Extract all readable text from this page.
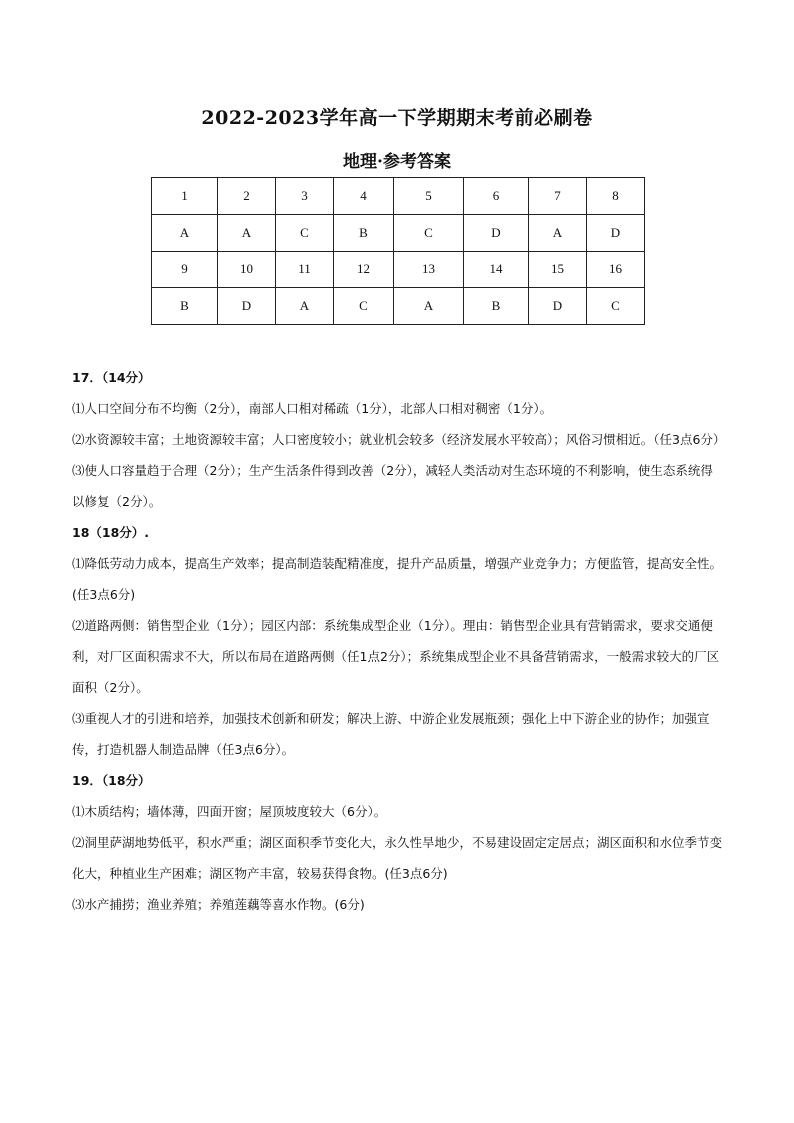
2022-2023学年高一下学期期末考前必刷卷
地理·参考答案
1	2	3	4	5	6	7	8
A	A	C	B	C	D	A	D
9	10	11	12	13	14	15	16
B	D	A	C	A	B	D	C

17．（14分）

⑴人口空间分布不均衡（2分），南部人口相对稀疏（1分），北部人口相对稠密（1分）。

⑵水资源较丰富；土地资源较丰富；人口密度较小；就业机会较多（经济发展水平较高）；风俗习惯相近。（任3点6分）

⑶使人口容量趋于合理（2分）；生产生活条件得到改善（2分），减轻人类活动对生态环境的不利影响，使生态系统得以修复（2分）。

18（18分）.

⑴降低劳动力成本，提高生产效率；提高制造装配精准度，提升产品质量，增强产业竞争力；方便监管，提高安全性。(任3点6分)

⑵道路两侧：销售型企业（1分）；园区内部：系统集成型企业（1分）。理由：销售型企业具有营销需求，要求交通便利，对厂区面积需求不大，所以布局在道路两侧（任1点2分）；系统集成型企业不具备营销需求，一般需求较大的厂区面积（2分）。

⑶重视人才的引进和培养，加强技术创新和研发；解决上游、中游企业发展瓶颈；强化上中下游企业的协作；加强宣传，打造机器人制造品牌（任3点6分）。

19．（18分）

⑴木质结构；墙体薄，四面开窗；屋顶坡度较大（6分）。

⑵洞里萨湖地势低平，积水严重；湖区面积季节变化大，永久性旱地少，不易建设固定定居点；湖区面积和水位季节变化大，种植业生产困难；湖区物产丰富，较易获得食物。(任3点6分)

⑶水产捕捞；渔业养殖；养殖莲藕等喜水作物。(6分)
